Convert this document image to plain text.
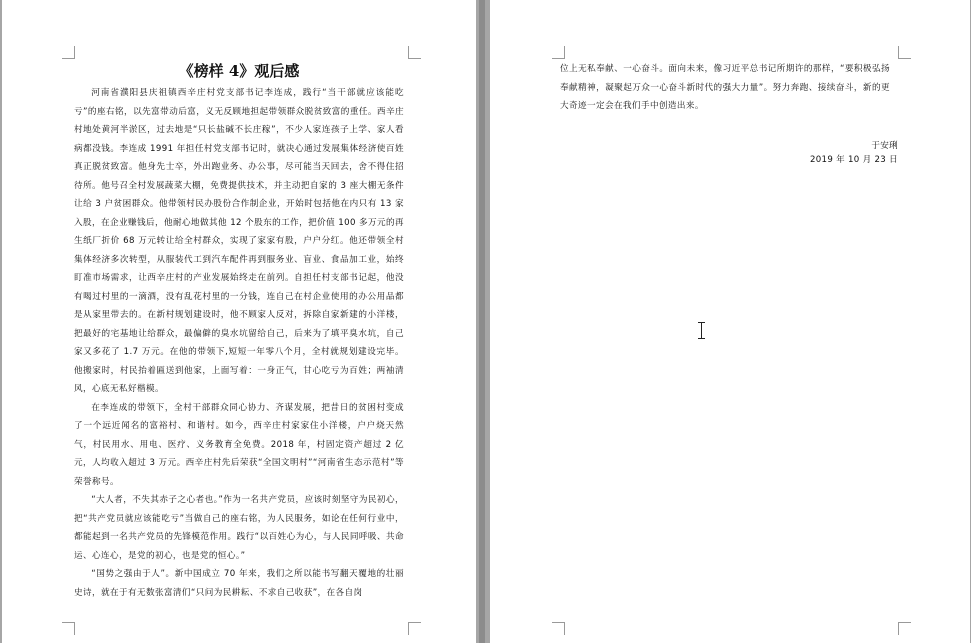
《榜样 4》观后感

河南省濮阳县庆祖镇西辛庄村党支部书记李连成，践行“当干部就应该能吃亏”的座右铭，以先富带动后富，义无反顾地担起带领群众脱贫致富的重任。西辛庄村地处黄河半淤区，过去地是“只长盐碱不长庄稼”，不少人家连孩子上学、家人看病都没钱。李连成 1991 年担任村党支部书记时，就决心通过发展集体经济使百姓真正脱贫致富。他身先士卒，外出跑业务、办公事，尽可能当天回去，舍不得住招待所。他号召全村发展蔬菜大棚，免费提供技术，并主动把自家的 3 座大棚无条件让给 3 户贫困群众。他带领村民办股份合作制企业，开始时包括他在内只有 13 家入股，在企业赚钱后，他耐心地做其他 12 个股东的工作，把价值 100 多万元的再生纸厂折价 68 万元转让给全村群众，实现了家家有股，户户分红。他还带领全村集体经济多次转型，从服装代工到汽车配件再到服务业、盲业、食品加工业，始终盯准市场需求，让西辛庄村的产业发展始终走在前列。自担任村支部书记起，他没有喝过村里的一滴酒，没有乱花村里的一分钱，连自己在村企业使用的办公用品都是从家里带去的。在新村规划建设时，他不顾家人反对，拆除自家新建的小洋楼，把最好的宅基地让给群众，最偏僻的臭水坑留给自己，后来为了填平臭水坑，自己家又多花了 1.7 万元。在他的带领下,短短一年零八个月，全村就规划建设完毕。他搬家时，村民抬着匾送到他家，上面写着：一身正气，甘心吃亏为百姓；两袖清风，心底无私好楷模。

在李连成的带领下，全村干部群众同心协力、齐谋发展，把昔日的贫困村变成了一个远近闻名的富裕村、和谐村。如今，西辛庄村家家住小洋楼，户户烧天然气，村民用水、用电、医疗、义务教育全免费。2018 年，村固定资产超过 2 亿元，人均收入超过 3 万元。西辛庄村先后荣获“全国文明村”“河南省生态示范村”等荣誉称号。

“大人者，不失其赤子之心者也。”作为一名共产党员，应该时刻坚守为民初心，把“共产党员就应该能吃亏”当做自己的座右铭，为人民服务，如论在任何行业中，都能起到一名共产党员的先锋模范作用。践行“以百姓心为心，与人民同呼吸、共命运、心连心，是党的初心，也是党的恒心。”

“国势之强由于人”。新中国成立 70 年来，我们之所以能书写翻天覆地的壮丽史诗，就在于有无数张富清们“只问为民耕耘、不求自己收获”，在各自岗

位上无私奉献、一心奋斗。面向未来，像习近平总书记所期许的那样，“要积极弘扬奉献精神，凝聚起万众一心奋斗新时代的强大力量”。努力奔跑、接续奋斗，新的更大奇迹一定会在我们手中创造出来。

于安琍
2019 年 10 月 23 日
